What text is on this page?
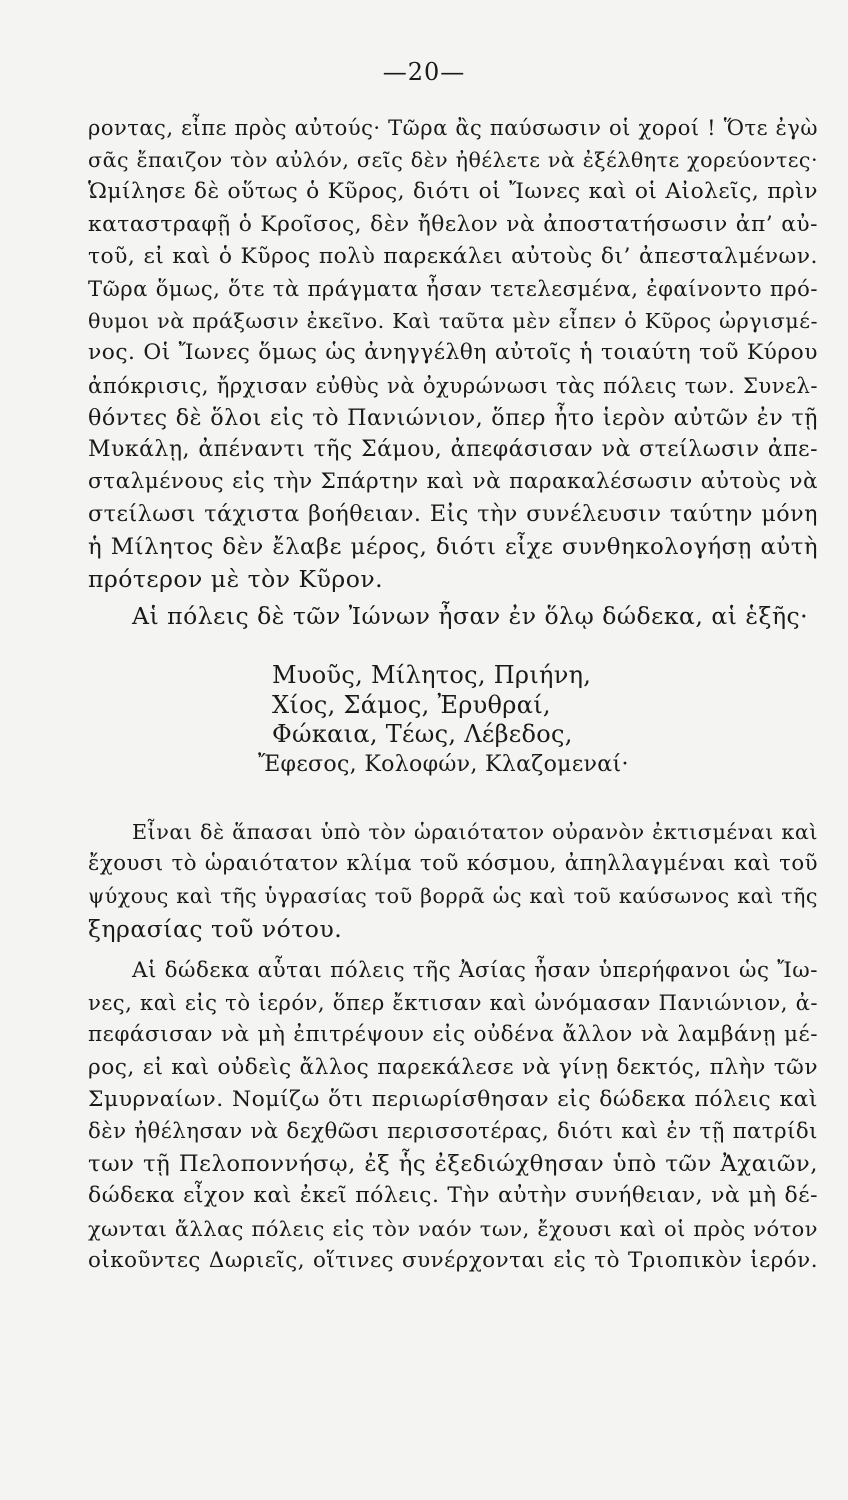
—20—
ροντας, εἶπε πρὸς αὐτούς· Τῶρα ἂς παύσωσιν οἱ χοροί ! Ὅτε ἐγὼ
σᾶς ἔπαιζον τὸν αὐλόν, σεῖς δὲν ἠθέλετε νὰ ἐξέλθητε χορεύοντες·
Ὡμίλησε δὲ οὕτως ὁ Κῦρος, διότι οἱ Ἴωνες καὶ οἱ Αἰολεῖς, πρὶν
καταστραφῇ ὁ Κροῖσος, δὲν ἤθελον νὰ ἀποστατήσωσιν ἀπ’ αὐ-
τοῦ, εἰ καὶ ὁ Κῦρος πολὺ παρεκάλει αὐτοὺς δι’ ἀπεσταλμένων.
Τῶρα ὅμως, ὅτε τὰ πράγματα ἦσαν τετελεσμένα, ἐφαίνοντο πρό-
θυμοι νὰ πράξωσιν ἐκεῖνο. Καὶ ταῦτα μὲν εἶπεν ὁ Κῦρος ὠργισμέ-
νος. Οἱ Ἴωνες ὅμως ὡς ἀνηγγέλθη αὐτοῖς ἡ τοιαύτη τοῦ Κύρου
ἀπόκρισις, ἤρχισαν εὐθὺς νὰ ὀχυρώνωσι τὰς πόλεις των. Συνελ-
θόντες δὲ ὅλοι εἰς τὸ Πανιώνιον, ὅπερ ἦτο ἱερὸν αὐτῶν ἐν τῇ
Μυκάλῃ, ἀπέναντι τῆς Σάμου, ἀπεφάσισαν νὰ στείλωσιν ἀπε-
σταλμένους εἰς τὴν Σπάρτην καὶ νὰ παρακαλέσωσιν αὐτοὺς νὰ
στείλωσι τάχιστα βοήθειαν. Εἰς τὴν συνέλευσιν ταύτην μόνη
ἡ Μίλητος δὲν ἔλαβε μέρος, διότι εἶχε συνθηκολογήσῃ αὐτὴ
πρότερον μὲ τὸν Κῦρον.
Αἱ πόλεις δὲ τῶν Ἰώνων ἦσαν ἐν ὅλῳ δώδεκα, αἱ ἑξῆς·
Μυοῦς, Μίλητος, Πριήνη,
Χίος, Σάμος, Ἐρυθραί,
Φώκαια, Τέως, Λέβεδος,
Ἔφεσος, Κολοφών, Κλαζομεναί·
Εἶναι δὲ ἅπασαι ὑπὸ τὸν ὡραιότατον οὐρανὸν ἐκτισμέναι καὶ
ἔχουσι τὸ ὡραιότατον κλίμα τοῦ κόσμου, ἀπηλλαγμέναι καὶ τοῦ
ψύχους καὶ τῆς ὑγρασίας τοῦ βορρᾶ ὡς καὶ τοῦ καύσωνος καὶ τῆς
ξηρασίας τοῦ νότου.
Αἱ δώδεκα αὗται πόλεις τῆς Ἀσίας ἦσαν ὑπερήφανοι ὡς Ἴω-
νες, καὶ εἰς τὸ ἱερόν, ὅπερ ἔκτισαν καὶ ὠνόμασαν Πανιώνιον, ἀ-
πεφάσισαν νὰ μὴ ἐπιτρέψουν εἰς οὐδένα ἄλλον νὰ λαμβάνῃ μέ-
ρος, εἰ καὶ οὐδεὶς ἄλλος παρεκάλεσε νὰ γίνῃ δεκτός, πλὴν τῶν
Σμυρναίων. Νομίζω ὅτι περιωρίσθησαν εἰς δώδεκα πόλεις καὶ
δὲν ἠθέλησαν νὰ δεχθῶσι περισσοτέρας, διότι καὶ ἐν τῇ πατρίδι
των τῇ Πελοποννήσῳ, ἐξ ἧς ἐξεδιώχθησαν ὑπὸ τῶν Ἀχαιῶν,
δώδεκα εἶχον καὶ ἐκεῖ πόλεις. Τὴν αὐτὴν συνήθειαν, νὰ μὴ δέ-
χωνται ἄλλας πόλεις εἰς τὸν ναόν των, ἔχουσι καὶ οἱ πρὸς νότον
οἰκοῦντες Δωριεῖς, οἵτινες συνέρχονται εἰς τὸ Τριοπικὸν ἱερόν.
